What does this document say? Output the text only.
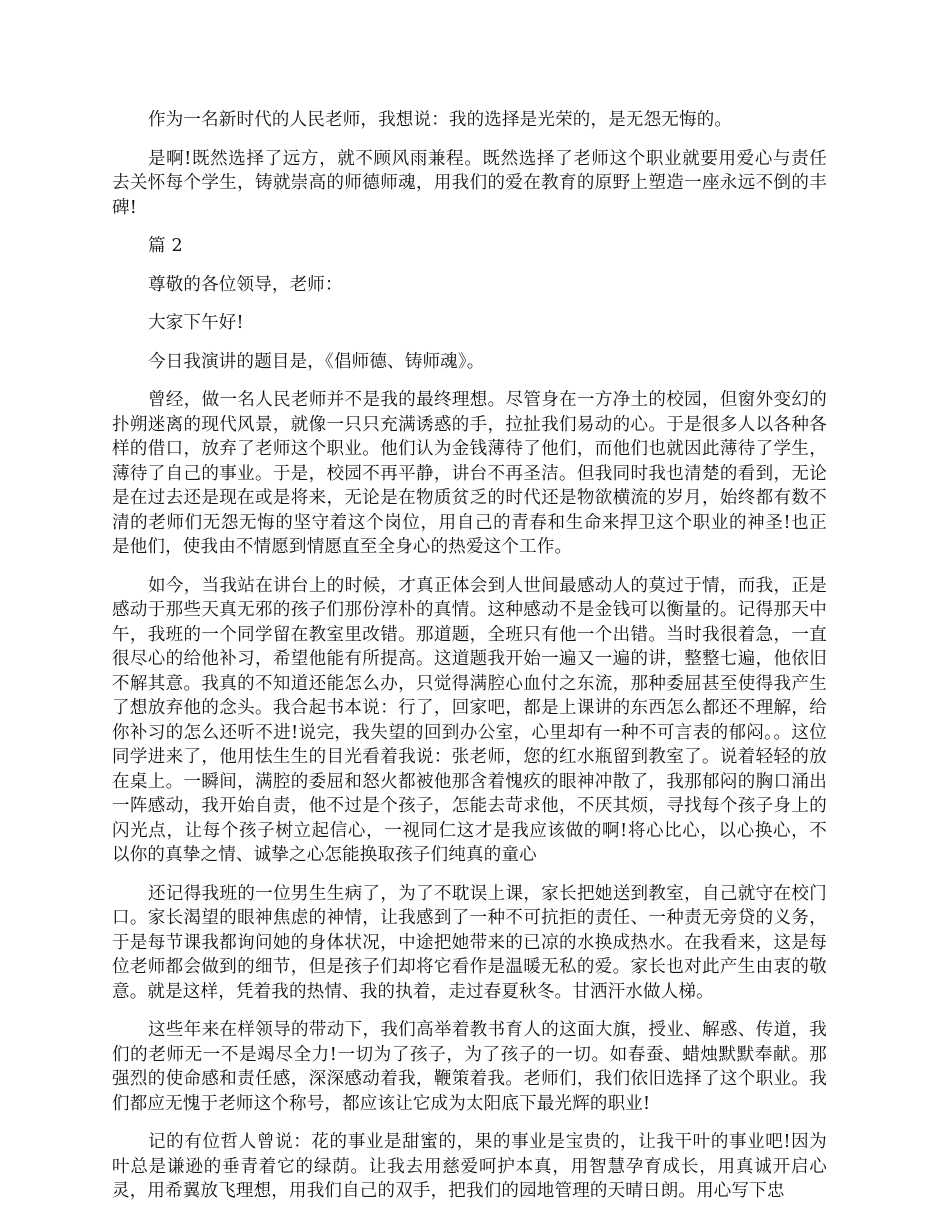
作为一名新时代的人民老师，我想说：我的选择是光荣的，是无怨无悔的。

是啊!既然选择了远方，就不顾风雨兼程。既然选择了老师这个职业就要用爱心与责任去关怀每个学生，铸就崇高的师德师魂，用我们的爱在教育的原野上塑造一座永远不倒的丰碑!

篇 2

尊敬的各位领导，老师：

大家下午好!

今日我演讲的题目是，《倡师德、铸师魂》。

曾经，做一名人民老师并不是我的最终理想。尽管身在一方净土的校园，但窗外变幻的扑朔迷离的现代风景，就像一只只充满诱惑的手，拉扯我们易动的心。于是很多人以各种各样的借口，放弃了老师这个职业。他们认为金钱薄待了他们，而他们也就因此薄待了学生，薄待了自己的事业。于是，校园不再平静，讲台不再圣洁。但我同时我也清楚的看到，无论是在过去还是现在或是将来，无论是在物质贫乏的时代还是物欲横流的岁月，始终都有数不清的老师们无怨无悔的坚守着这个岗位，用自己的青春和生命来捍卫这个职业的神圣!也正是他们，使我由不情愿到情愿直至全身心的热爱这个工作。

如今，当我站在讲台上的时候，才真正体会到人世间最感动人的莫过于情，而我，正是感动于那些天真无邪的孩子们那份淳朴的真情。这种感动不是金钱可以衡量的。记得那天中午，我班的一个同学留在教室里改错。那道题，全班只有他一个出错。当时我很着急，一直很尽心的给他补习，希望他能有所提高。这道题我开始一遍又一遍的讲，整整七遍，他依旧不解其意。我真的不知道还能怎么办，只觉得满腔心血付之东流，那种委屈甚至使得我产生了想放弃他的念头。我合起书本说：行了，回家吧，都是上课讲的东西怎么都还不理解，给你补习的怎么还听不进!说完，我失望的回到办公室，心里却有一种不可言表的郁闷。。这位同学进来了，他用怯生生的目光看着我说：张老师，您的红水瓶留到教室了。说着轻轻的放在桌上。一瞬间，满腔的委屈和怒火都被他那含着愧疚的眼神冲散了，我那郁闷的胸口涌出一阵感动，我开始自责，他不过是个孩子，怎能去苛求他，不厌其烦，寻找每个孩子身上的闪光点，让每个孩子树立起信心，一视同仁这才是我应该做的啊!将心比心，以心换心，不以你的真挚之情、诚挚之心怎能换取孩子们纯真的童心

还记得我班的一位男生生病了，为了不耽误上课，家长把她送到教室，自己就守在校门口。家长渴望的眼神焦虑的神情，让我感到了一种不可抗拒的责任、一种责无旁贷的义务，于是每节课我都询问她的身体状况，中途把她带来的已凉的水换成热水。在我看来，这是每位老师都会做到的细节，但是孩子们却将它看作是温暖无私的爱。家长也对此产生由衷的敬意。就是这样，凭着我的热情、我的执着，走过春夏秋冬。甘洒汗水做人梯。

这些年来在样领导的带动下，我们高举着教书育人的这面大旗，授业、解惑、传道，我们的老师无一不是竭尽全力!一切为了孩子，为了孩子的一切。如春蚕、蜡烛默默奉献。那强烈的使命感和责任感，深深感动着我，鞭策着我。老师们，我们依旧选择了这个职业。我们都应无愧于老师这个称号，都应该让它成为太阳底下最光辉的职业!

记的有位哲人曾说：花的事业是甜蜜的，果的事业是宝贵的，让我干叶的事业吧!因为叶总是谦逊的垂青着它的绿荫。让我去用慈爱呵护本真，用智慧孕育成长，用真诚开启心灵，用希翼放飞理想，用我们自己的双手，把我们的园地管理的天晴日朗。用心写下忠
